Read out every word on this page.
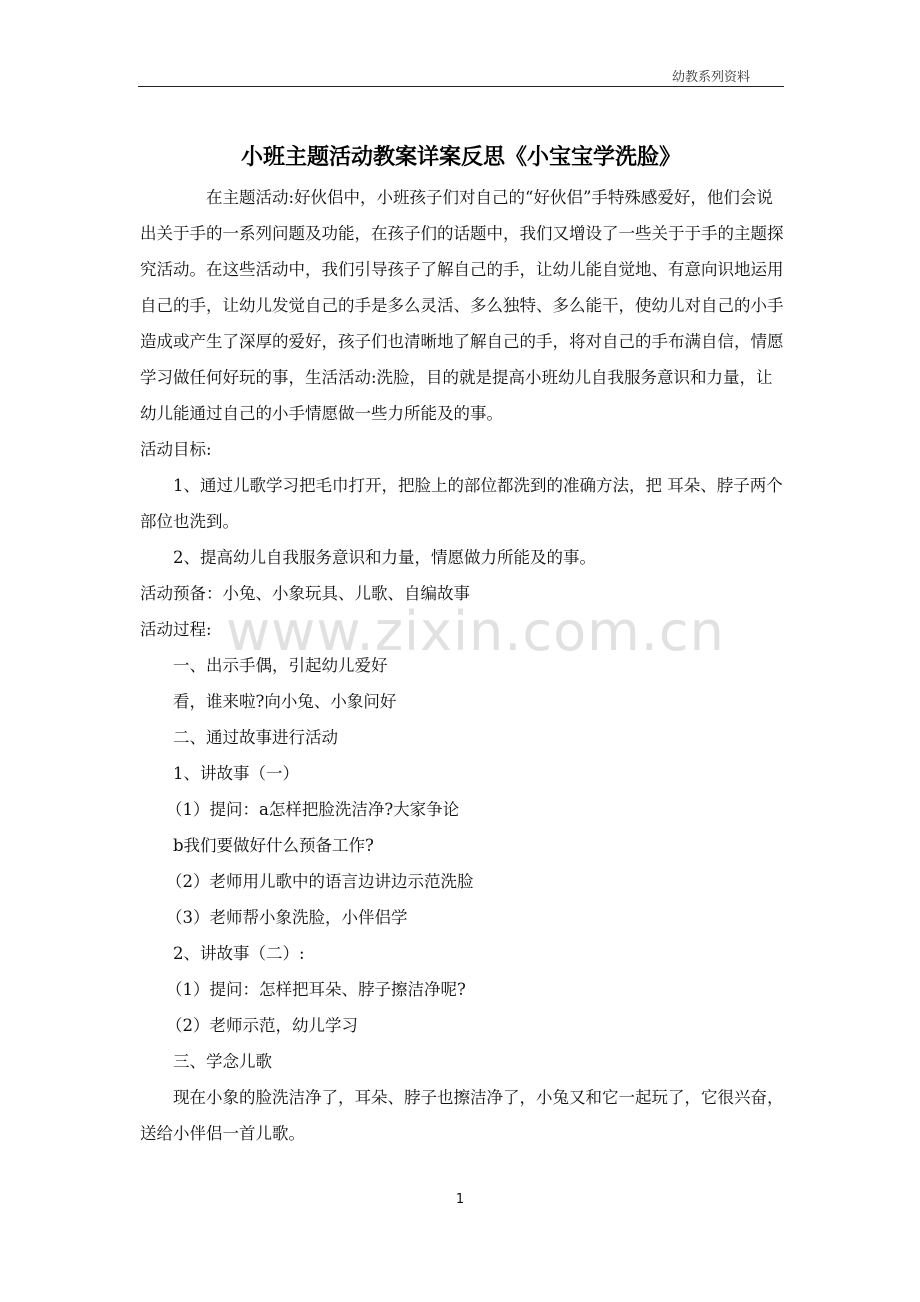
幼教系列资料
小班主题活动教案详案反思《小宝宝学洗脸》

在主题活动:好伙侣中，小班孩子们对自己的“好伙侣”手特殊感爱好，他们会说出关于手的一系列问题及功能，在孩子们的话题中，我们又增设了一些关于于手的主题探究活动。在这些活动中，我们引导孩子了解自己的手，让幼儿能自觉地、有意向识地运用自己的手，让幼儿发觉自己的手是多么灵活、多么独特、多么能干，使幼儿对自己的小手造成或产生了深厚的爱好，孩子们也清晰地了解自己的手，将对自己的手布满自信，情愿学习做任何好玩的事，生活活动:洗脸，目的就是提高小班幼儿自我服务意识和力量，让幼儿能通过自己的小手情愿做一些力所能及的事。

活动目标:

1、通过儿歌学习把毛巾打开，把脸上的部位都洗到的准确方法，把 耳朵、脖子两个部位也洗到。

2、提高幼儿自我服务意识和力量，情愿做力所能及的事。

活动预备：小兔、小象玩具、儿歌、自编故事

活动过程:

一、出示手偶，引起幼儿爱好

看，谁来啦?向小兔、小象问好

二、通过故事进行活动

1、讲故事（一）

（1）提问：a怎样把脸洗洁净?大家争论

b我们要做好什么预备工作?

（2）老师用儿歌中的语言边讲边示范洗脸

（3）老师帮小象洗脸，小伴侣学

2、讲故事（二）:

（1）提问：怎样把耳朵、脖子擦洁净呢?

（2）老师示范，幼儿学习

三、学念儿歌

现在小象的脸洗洁净了，耳朵、脖子也擦洁净了，小兔又和它一起玩了，它很兴奋，送给小伴侣一首儿歌。

www.zixin.com.cn
1
